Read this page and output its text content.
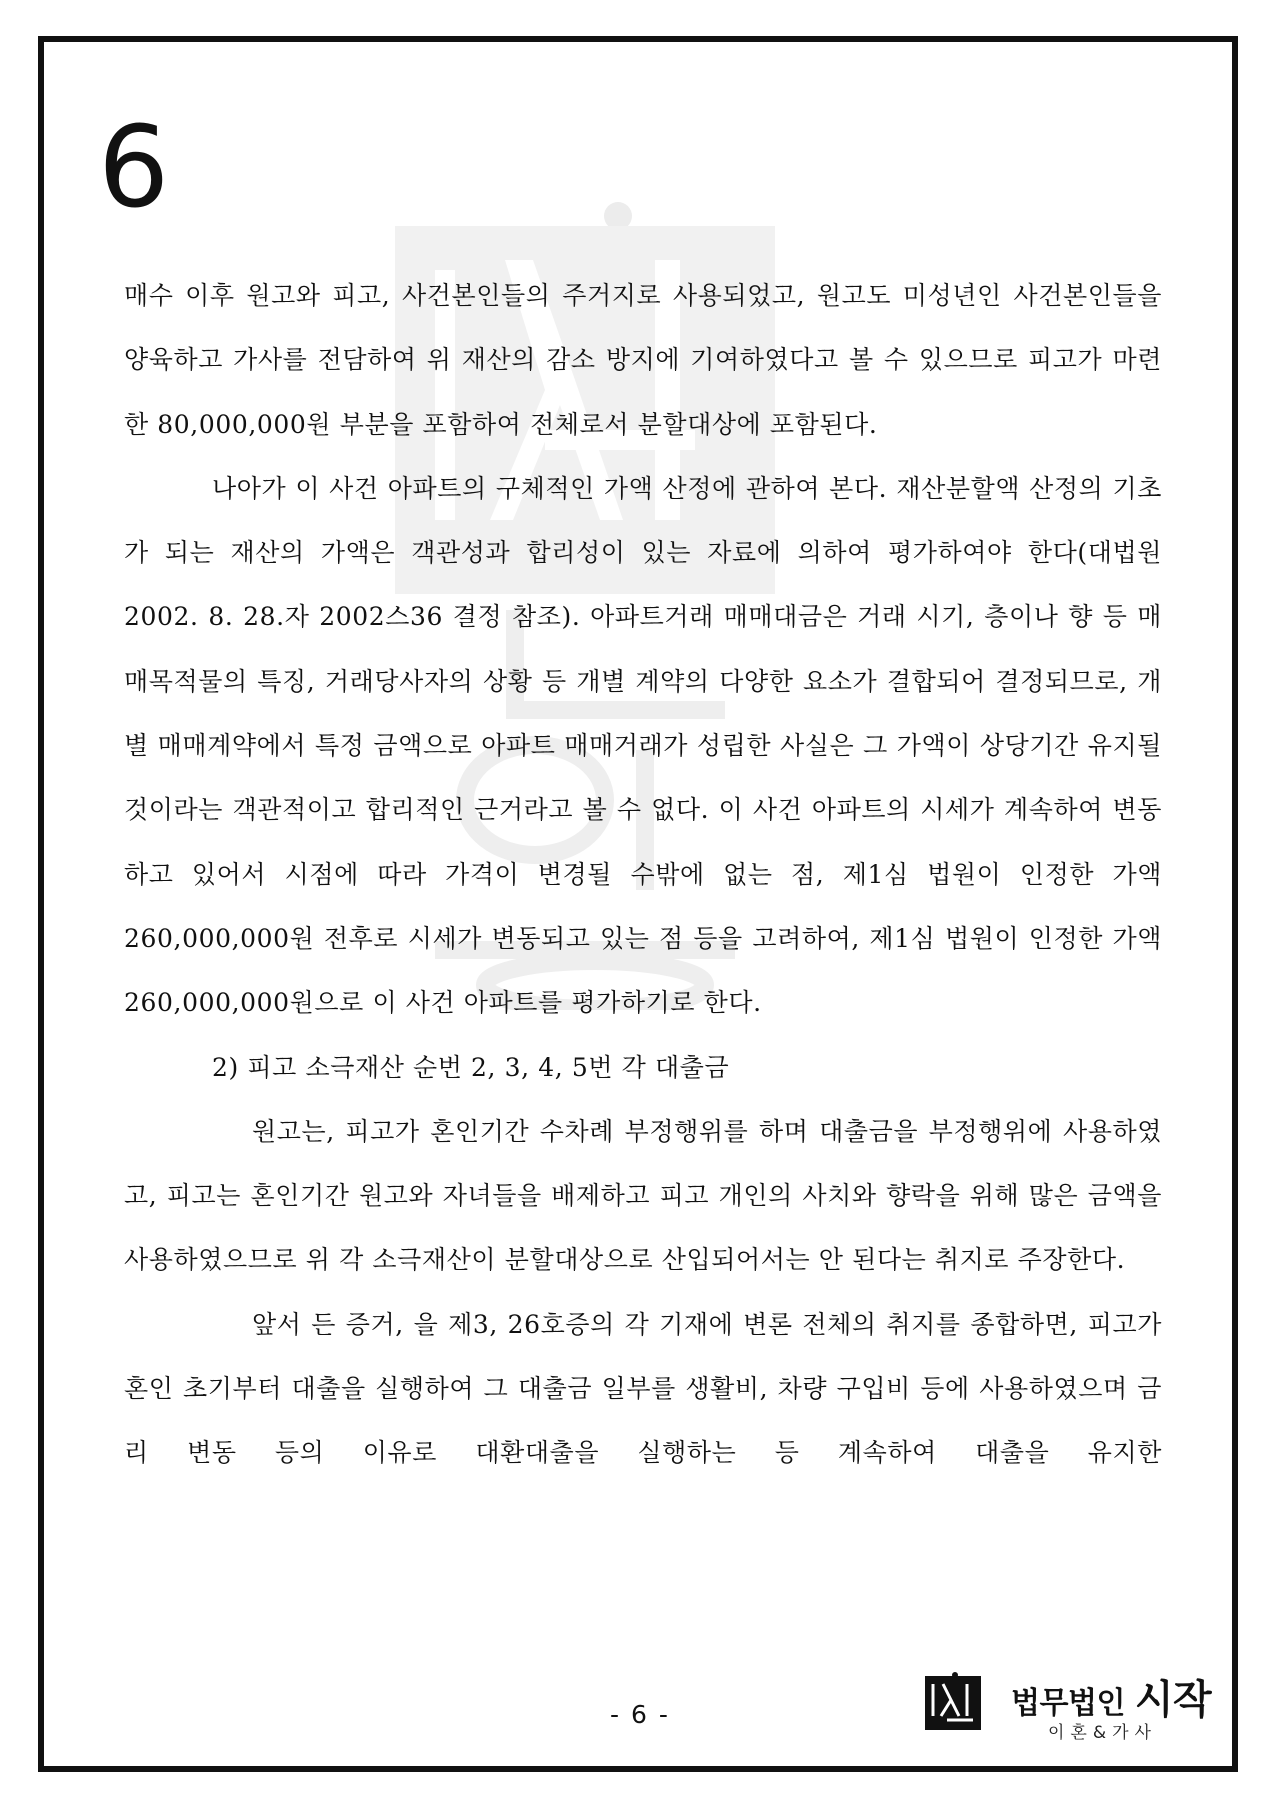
6

매수 이후 원고와 피고, 사건본인들의 주거지로 사용되었고, 원고도 미성년인 사건본인들을 양육하고 가사를 전담하여 위 재산의 감소 방지에 기여하였다고 볼 수 있으므로 피고가 마련한 80,000,000원 부분을 포함하여 전체로서 분할대상에 포함된다.

나아가 이 사건 아파트의 구체적인 가액 산정에 관하여 본다. 재산분할액 산정의 기초가 되는 재산의 가액은 객관성과 합리성이 있는 자료에 의하여 평가하여야 한다(대법원 2002. 8. 28.자 2002스36 결정 참조). 아파트거래 매매대금은 거래 시기, 층이나 향 등 매매목적물의 특징, 거래당사자의 상황 등 개별 계약의 다양한 요소가 결합되어 결정되므로, 개별 매매계약에서 특정 금액으로 아파트 매매거래가 성립한 사실은 그 가액이 상당기간 유지될 것이라는 객관적이고 합리적인 근거라고 볼 수 없다. 이 사건 아파트의 시세가 계속하여 변동하고 있어서 시점에 따라 가격이 변경될 수밖에 없는 점, 제1심 법원이 인정한 가액 260,000,000원 전후로 시세가 변동되고 있는 점 등을 고려하여, 제1심 법원이 인정한 가액 260,000,000원으로 이 사건 아파트를 평가하기로 한다.

2) 피고 소극재산 순번 2, 3, 4, 5번 각 대출금

원고는, 피고가 혼인기간 수차례 부정행위를 하며 대출금을 부정행위에 사용하였고, 피고는 혼인기간 원고와 자녀들을 배제하고 피고 개인의 사치와 향락을 위해 많은 금액을 사용하였으므로 위 각 소극재산이 분할대상으로 산입되어서는 안 된다는 취지로 주장한다.

앞서 든 증거, 을 제3, 26호증의 각 기재에 변론 전체의 취지를 종합하면, 피고가 혼인 초기부터 대출을 실행하여 그 대출금 일부를 생활비, 차량 구입비 등에 사용하였으며 금리 변동 등의 이유로 대환대출을 실행하는 등 계속하여 대출을 유지한

- 6 -	법무법인 시작
이혼&가사
